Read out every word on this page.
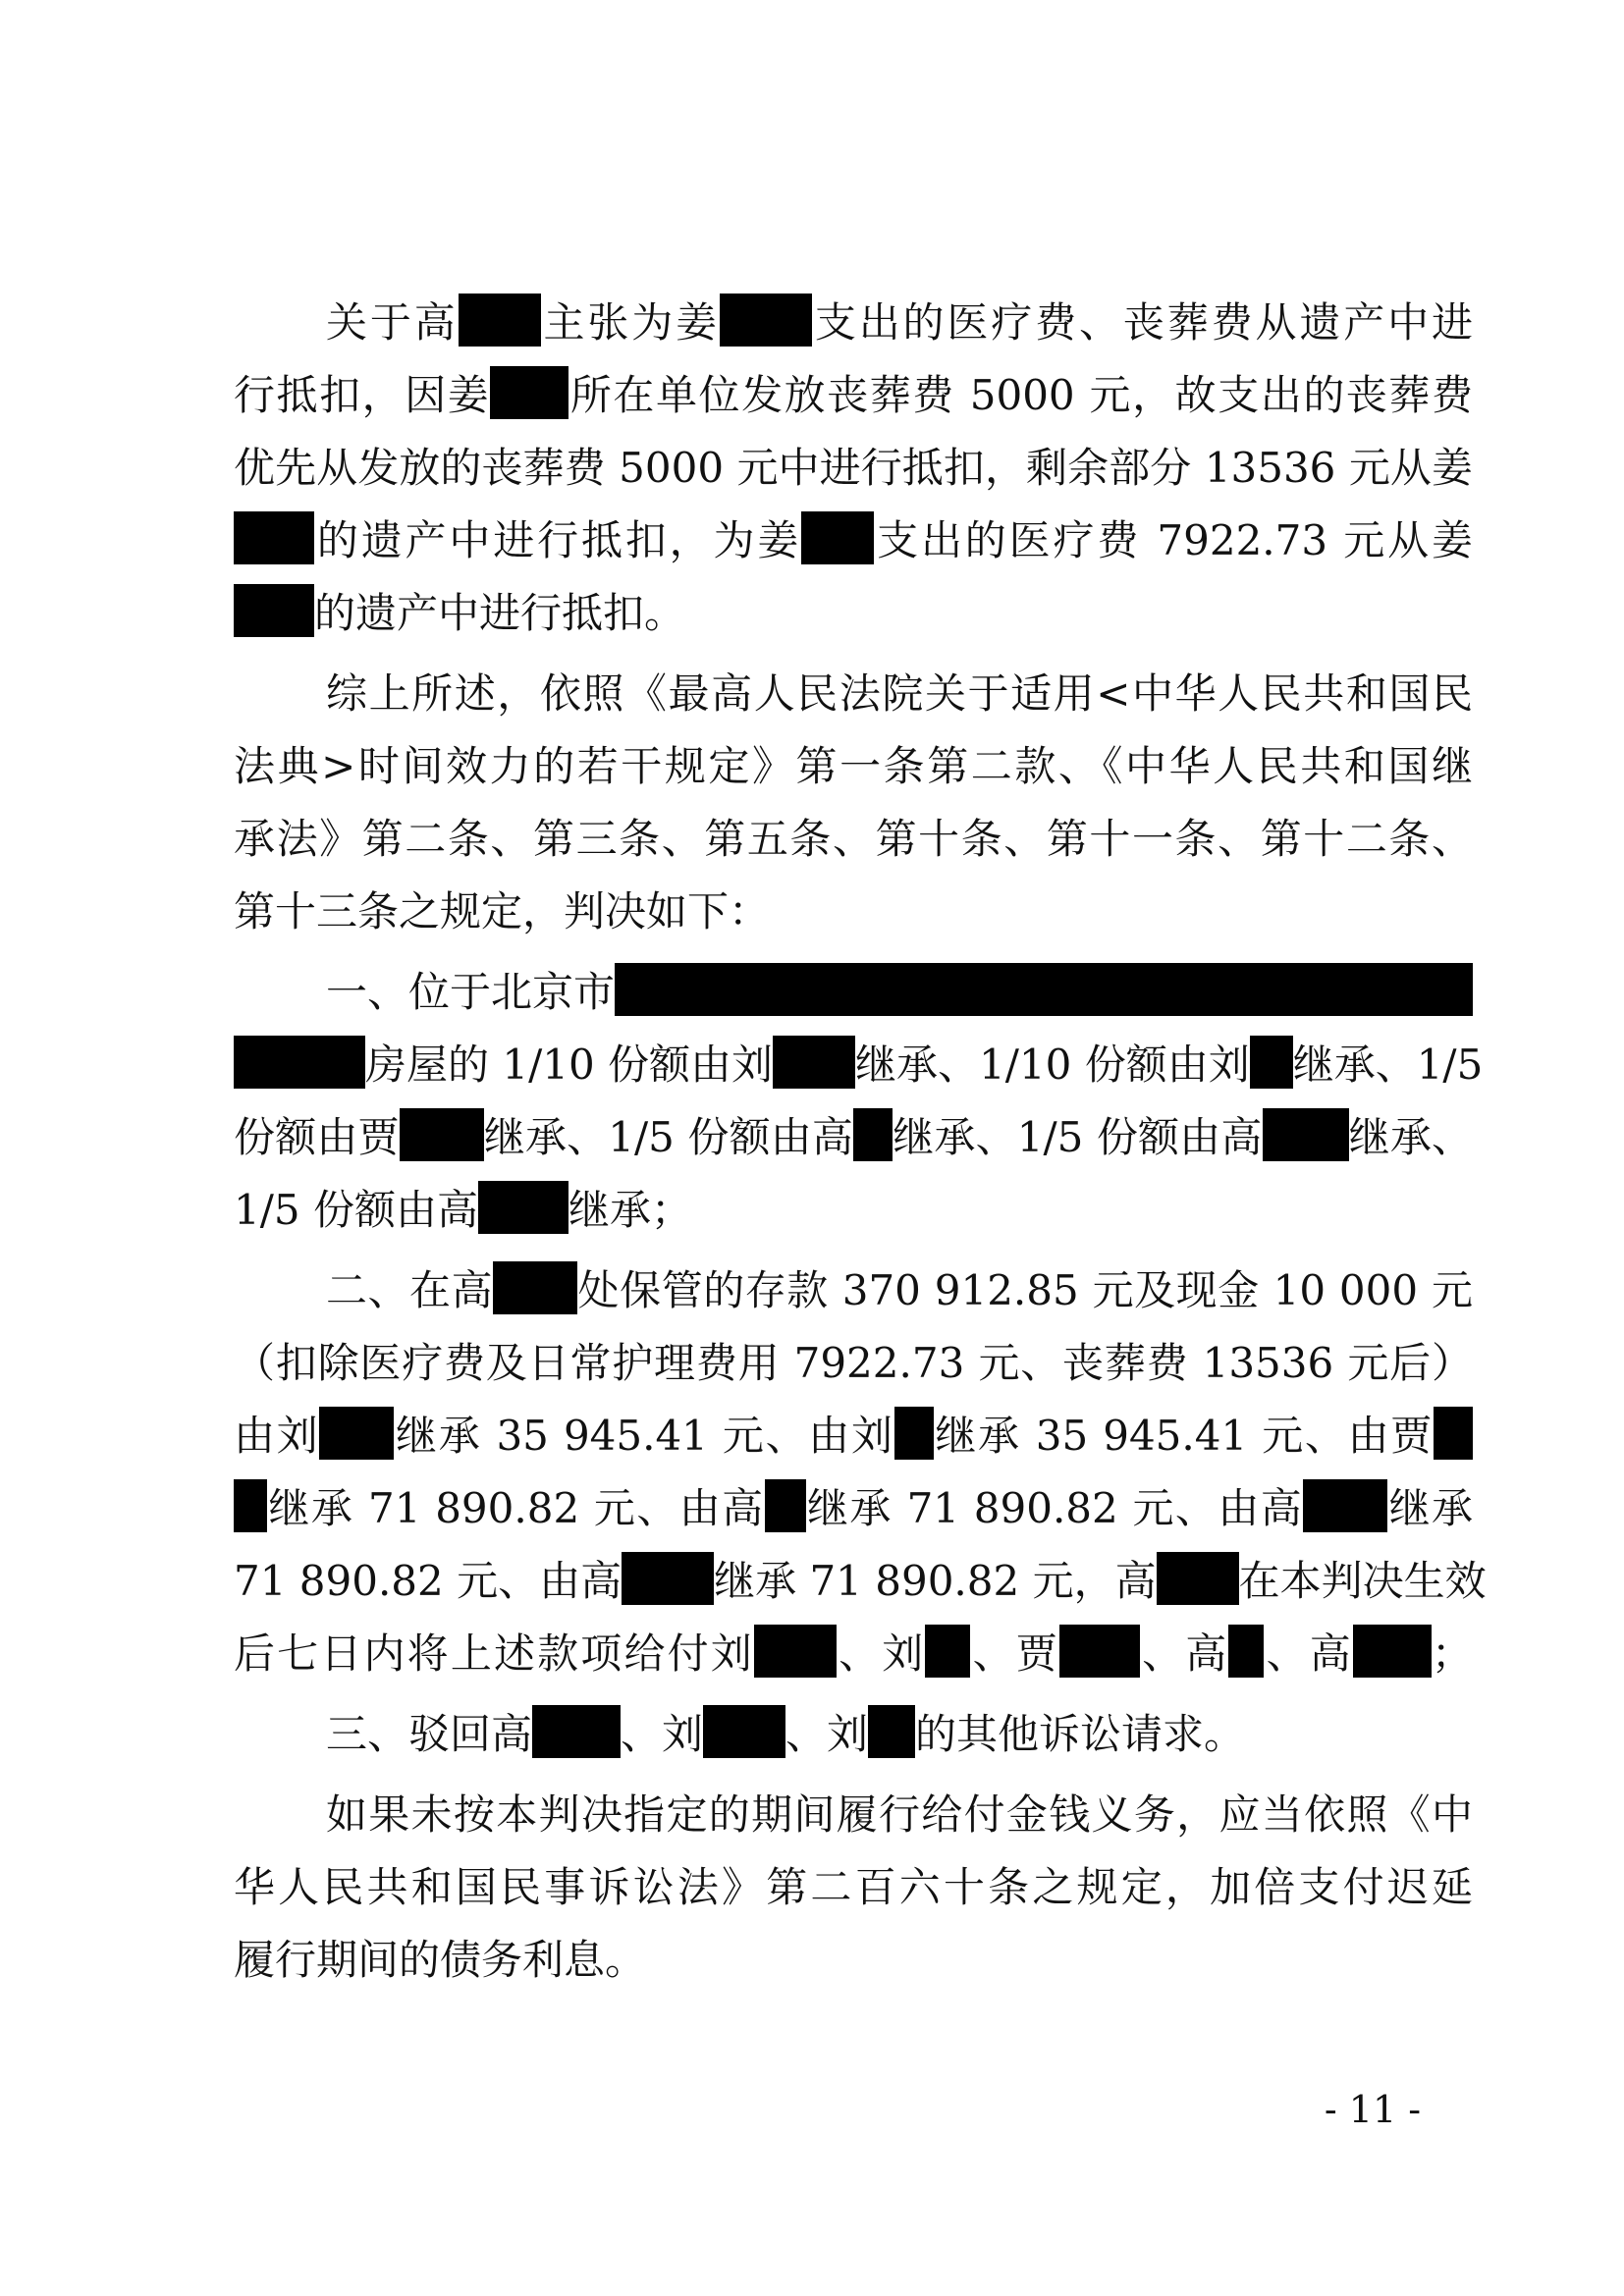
关于高 主张为姜 支出的医疗费、丧葬费从遗产中进
行抵扣，因姜 所在单位发放丧葬费 5000 元，故支出的丧葬费
优先从发放的丧葬费 5000 元中进行抵扣，剩余部分 13536 元从姜
的遗产中进行抵扣，为姜 支出的医疗费 7922.73 元从姜
的遗产中进行抵扣。
综上所述，依照《最高人民法院关于适用<中华人民共和国民
法典>时间效力的若干规定》第一条第二款、《中华人民共和国继
承法》第二条、第三条、第五条、第十条、第十一条、第十二条、
第十三条之规定，判决如下：
一、位于北京市
房屋的 1/10 份额由刘 继承、1/10 份额由刘 继承、1/5
份额由贾 继承、1/5 份额由高 继承、1/5 份额由高 继承、
1/5 份额由高 继承；
二、在高 处保管的存款 370 912.85 元及现金 10 000 元
（扣除医疗费及日常护理费用 7922.73 元、丧葬费 13536 元后）
由刘 继承 35 945.41 元、由刘 继承 35 945.41 元、由贾
继承 71 890.82 元、由高 继承 71 890.82 元、由高 继承
71 890.82 元、由高 继承 71 890.82 元，高 在本判决生效
后七日内将上述款项给付刘 、刘 、贾 、高 、高 ；
三、驳回高 、刘 、刘 的其他诉讼请求。
如果未按本判决指定的期间履行给付金钱义务，应当依照《中
华人民共和国民事诉讼法》第二百六十条之规定，加倍支付迟延
履行期间的债务利息。
- 11 -
